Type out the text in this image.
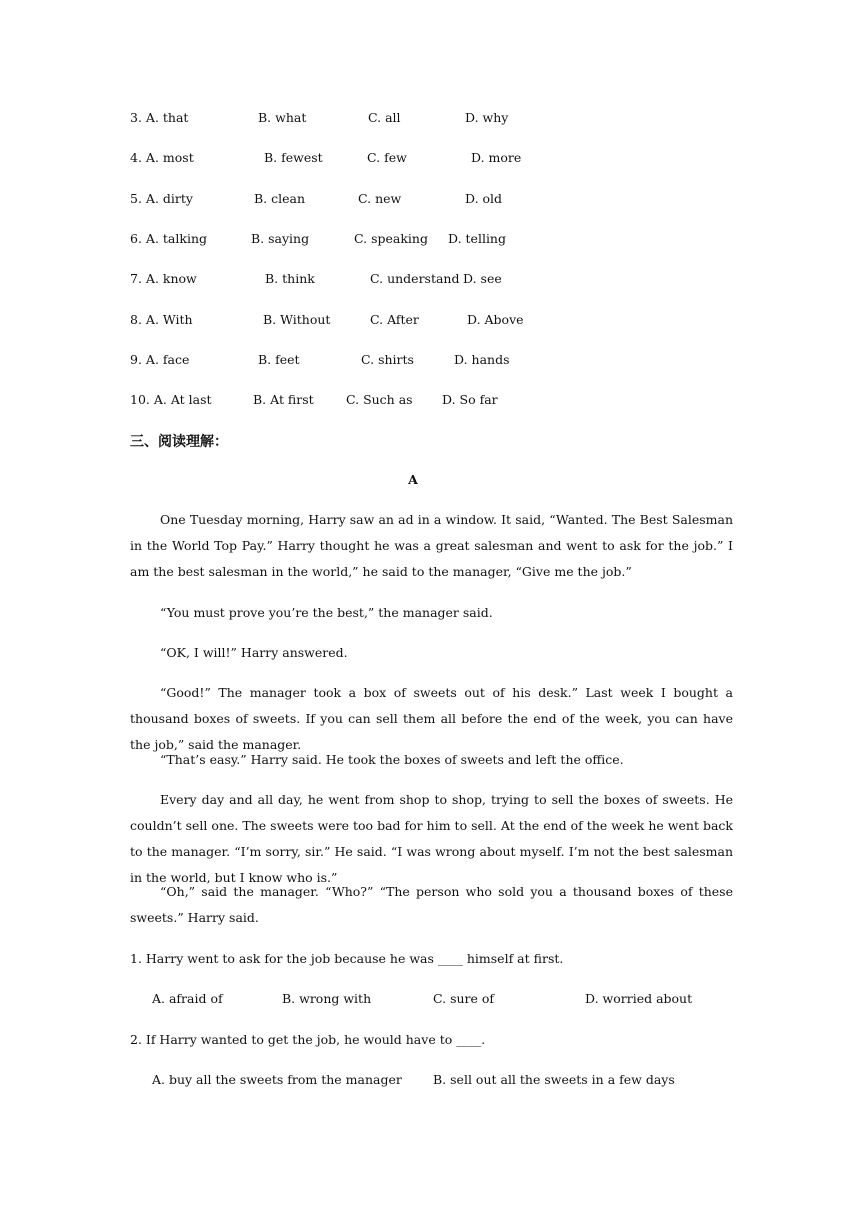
3. A. that	B. what	C. all	D. why
4. A. most	B. fewest	C. few	D. more
5. A. dirty	B. clean	C. new	D. old
6. A. talking	B. saying	C. speaking D. telling
7. A. know	B. think	C. understand D. see
8. A. With	B. Without	C. After	D. Above
9. A. face	B. feet	C. shirts	D. hands
10. A. At last	B. At first	C. Such as D. So far
三、阅读理解：
A

One Tuesday morning, Harry saw an ad in a window. It said, “Wanted. The Best Salesman in the World Top Pay.” Harry thought he was a great salesman and went to ask for the job.” I am the best salesman in the world,” he said to the manager, “Give me the job.”

“You must prove you’re the best,” the manager said.

“OK, I will!” Harry answered.

“Good!” The manager took a box of sweets out of his desk.” Last week I bought a thousand boxes of sweets. If you can sell them all before the end of the week, you can have the job,” said the manager.

“That’s easy.” Harry said. He took the boxes of sweets and left the office.

Every day and all day, he went from shop to shop, trying to sell the boxes of sweets. He couldn’t sell one. The sweets were too bad for him to sell. At the end of the week he went back to the manager. “I’m sorry, sir.” He said. “I was wrong about myself. I’m not the best salesman in the world, but I know who is.”

“Oh,” said the manager. “Who?” “The person who sold you a thousand boxes of these sweets.” Harry said.

1. Harry went to ask for the job because he was ____ himself at first.
A. afraid of	B. wrong with	C. sure of	D. worried about
2. If Harry wanted to get the job, he would have to ____.
A. buy all the sweets from the manager B. sell out all the sweets in a few days
